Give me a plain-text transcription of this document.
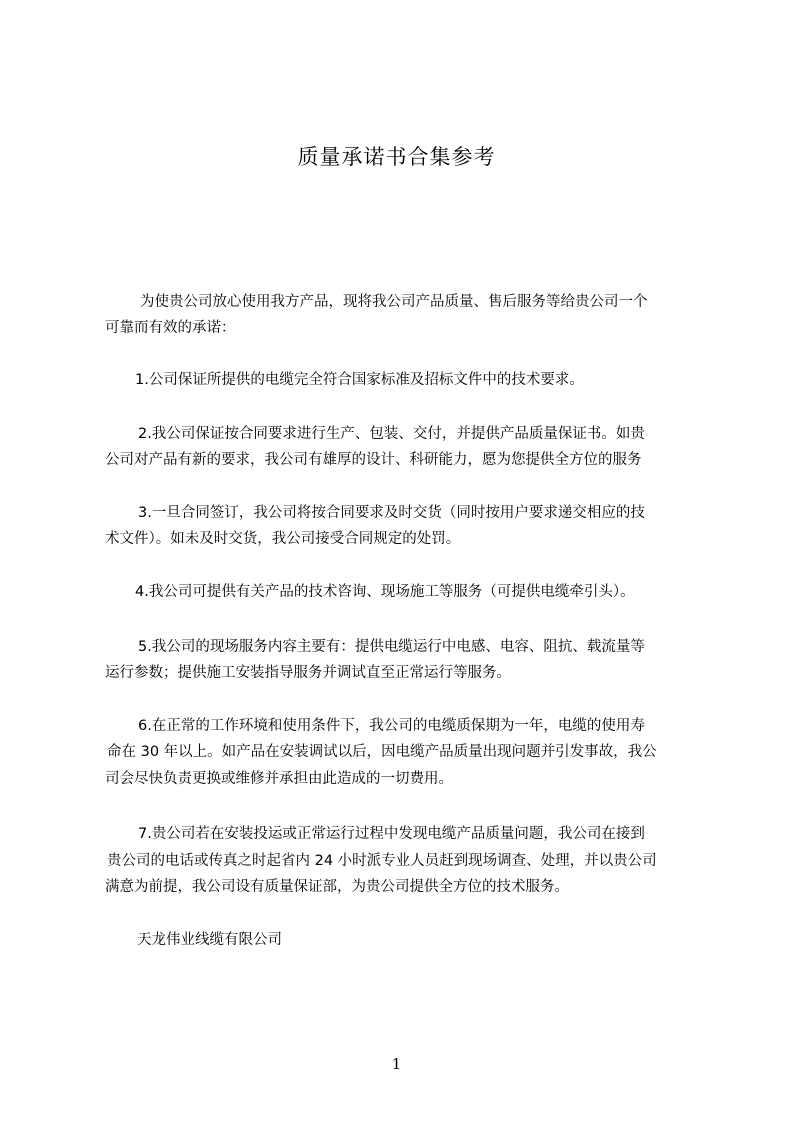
质量承诺书合集参考
为使贵公司放心使用我方产品，现将我公司产品质量、售后服务等给贵公司一个
可靠而有效的承诺：
1.公司保证所提供的电缆完全符合国家标准及招标文件中的技术要求。
2.我公司保证按合同要求进行生产、包装、交付，并提供产品质量保证书。如贵
公司对产品有新的要求，我公司有雄厚的设计、科研能力，愿为您提供全方位的服务
3.一旦合同签订，我公司将按合同要求及时交货（同时按用户要求递交相应的技
术文件）。如未及时交货，我公司接受合同规定的处罚。
4.我公司可提供有关产品的技术咨询、现场施工等服务（可提供电缆牵引头）。
5.我公司的现场服务内容主要有：提供电缆运行中电感、电容、阻抗、载流量等
运行参数；提供施工安装指导服务并调试直至正常运行等服务。
6.在正常的工作环境和使用条件下，我公司的电缆质保期为一年，电缆的使用寿
命在 30 年以上。如产品在安装调试以后，因电缆产品质量出现问题并引发事故，我公
司会尽快负责更换或维修并承担由此造成的一切费用。
7.贵公司若在安装投运或正常运行过程中发现电缆产品质量问题，我公司在接到
贵公司的电话或传真之时起省内 24 小时派专业人员赶到现场调查、处理，并以贵公司
满意为前提，我公司设有质量保证部，为贵公司提供全方位的技术服务。
天龙伟业线缆有限公司
1
